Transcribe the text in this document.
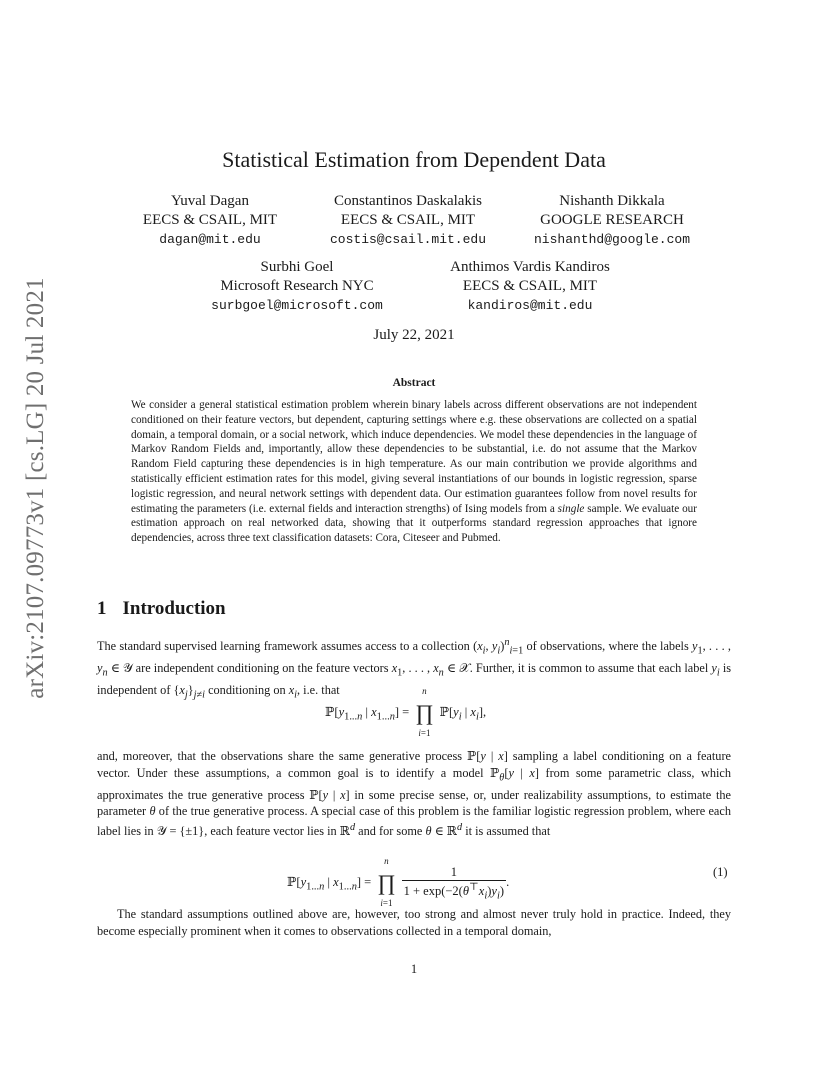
arXiv:2107.09773v1 [cs.LG] 20 Jul 2021
Statistical Estimation from Dependent Data
Yuval Dagan
EECS & CSAIL, MIT
dagan@mit.edu
Constantinos Daskalakis
EECS & CSAIL, MIT
costis@csail.mit.edu
Nishanth Dikkala
GOOGLE RESEARCH
nishanthd@google.com
Surbhi Goel
Microsoft Research NYC
surbgoel@microsoft.com
Anthimos Vardis Kandiros
EECS & CSAIL, MIT
kandiros@mit.edu
July 22, 2021
Abstract
We consider a general statistical estimation problem wherein binary labels across different observations are not independent conditioned on their feature vectors, but dependent, capturing settings where e.g. these observations are collected on a spatial domain, a temporal domain, or a social network, which induce dependencies. We model these dependencies in the language of Markov Random Fields and, importantly, allow these dependencies to be substantial, i.e. do not assume that the Markov Random Field capturing these dependencies is in high temperature. As our main contribution we provide algorithms and statistically efficient estimation rates for this model, giving several instantiations of our bounds in logistic regression, sparse logistic regression, and neural network settings with dependent data. Our estimation guarantees follow from novel results for estimating the parameters (i.e. external fields and interaction strengths) of Ising models from a single sample. We evaluate our estimation approach on real networked data, showing that it outperforms standard regression approaches that ignore dependencies, across three text classification datasets: Cora, Citeseer and Pubmed.
1 Introduction
The standard supervised learning framework assumes access to a collection ($x_i$, $y_i)^n_{i=1}$ of observations, where the labels $y_1$, . . . , $y_n$ ∈ 𝒴 are independent conditioning on the feature vectors $x_1$, . . . , $x_n$ ∈ 𝒳. Further, it is common to assume that each label $y_i$ is independent of $\{x_j\}_{j\ne i}$ conditioning on $x_i$, i.e. that
$ℙ[y_{1...n}$ | $x_{1...n}$] =
n
∏
i=1
$ℙ[y_i$ | $x_i$],
and, moreover, that the observations share the same generative process ℙ[y | x] sampling a label conditioning on a feature vector. Under these assumptions, a common goal is to identify a model ℙ$_\theta$[y | x] from some parametric class, which approximates the true generative process ℙ[y | x] in some precise sense, or, under realizability assumptions, to estimate the parameter θ of the true generative process. A special case of this problem is the familiar logistic regression problem, where each label lies in 𝒴 = {±1}, each feature vector lies in ℝ$^d$ and for some θ ∈ ℝ$^d$ it is assumed that
$ℙ[y_{1...n}$ | $x_{1...n}$] =
n
∏
i=1

$\frac{1}{1 + \exp(-2(\theta^⊤x_i)y_i)}$ .
(1)
The standard assumptions outlined above are, however, too strong and almost never truly hold in practice. Indeed, they become especially prominent when it comes to observations collected in a temporal domain,
1
